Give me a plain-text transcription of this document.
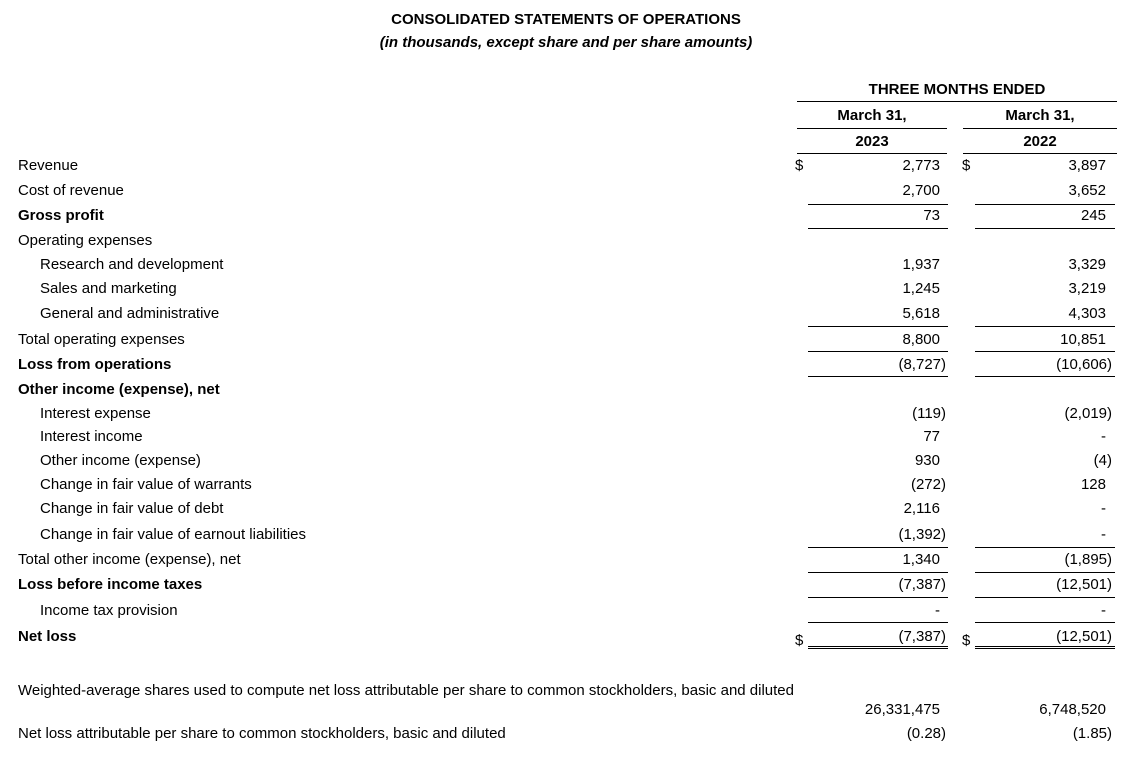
CONSOLIDATED STATEMENTS OF OPERATIONS
(in thousands, except share and per share amounts)
THREE MONTHS ENDED
March 31,	March 31,
2023	2022
Revenue	$	2,773 $	3,897
Cost of revenue	2,700	3,652
Gross profit	73	245
Operating expenses
Research and development	1,937	3,329
Sales and marketing	1,245	3,219
General and administrative	5,618	4,303
Total operating expenses	8,800	10,851
Loss from operations	(8,727)	(10,606)
Other income (expense), net
Interest expense	(119)	(2,019)
Interest income	77	-
Other income (expense)	930	(4)
Change in fair value of warrants	(272)	128
Change in fair value of debt	2,116	-
Change in fair value of earnout liabilities	(1,392)	-
Total other income (expense), net	1,340	(1,895)
Loss before income taxes	(7,387)	(12,501)
Income tax provision	-	-
Net loss	$	(7,387) $	(12,501)
Weighted-average shares used to compute net loss attributable per share to common stockholders, basic and diluted
26,331,475	6,748,520
Net loss attributable per share to common stockholders, basic and diluted	(0.28)	(1.85)
